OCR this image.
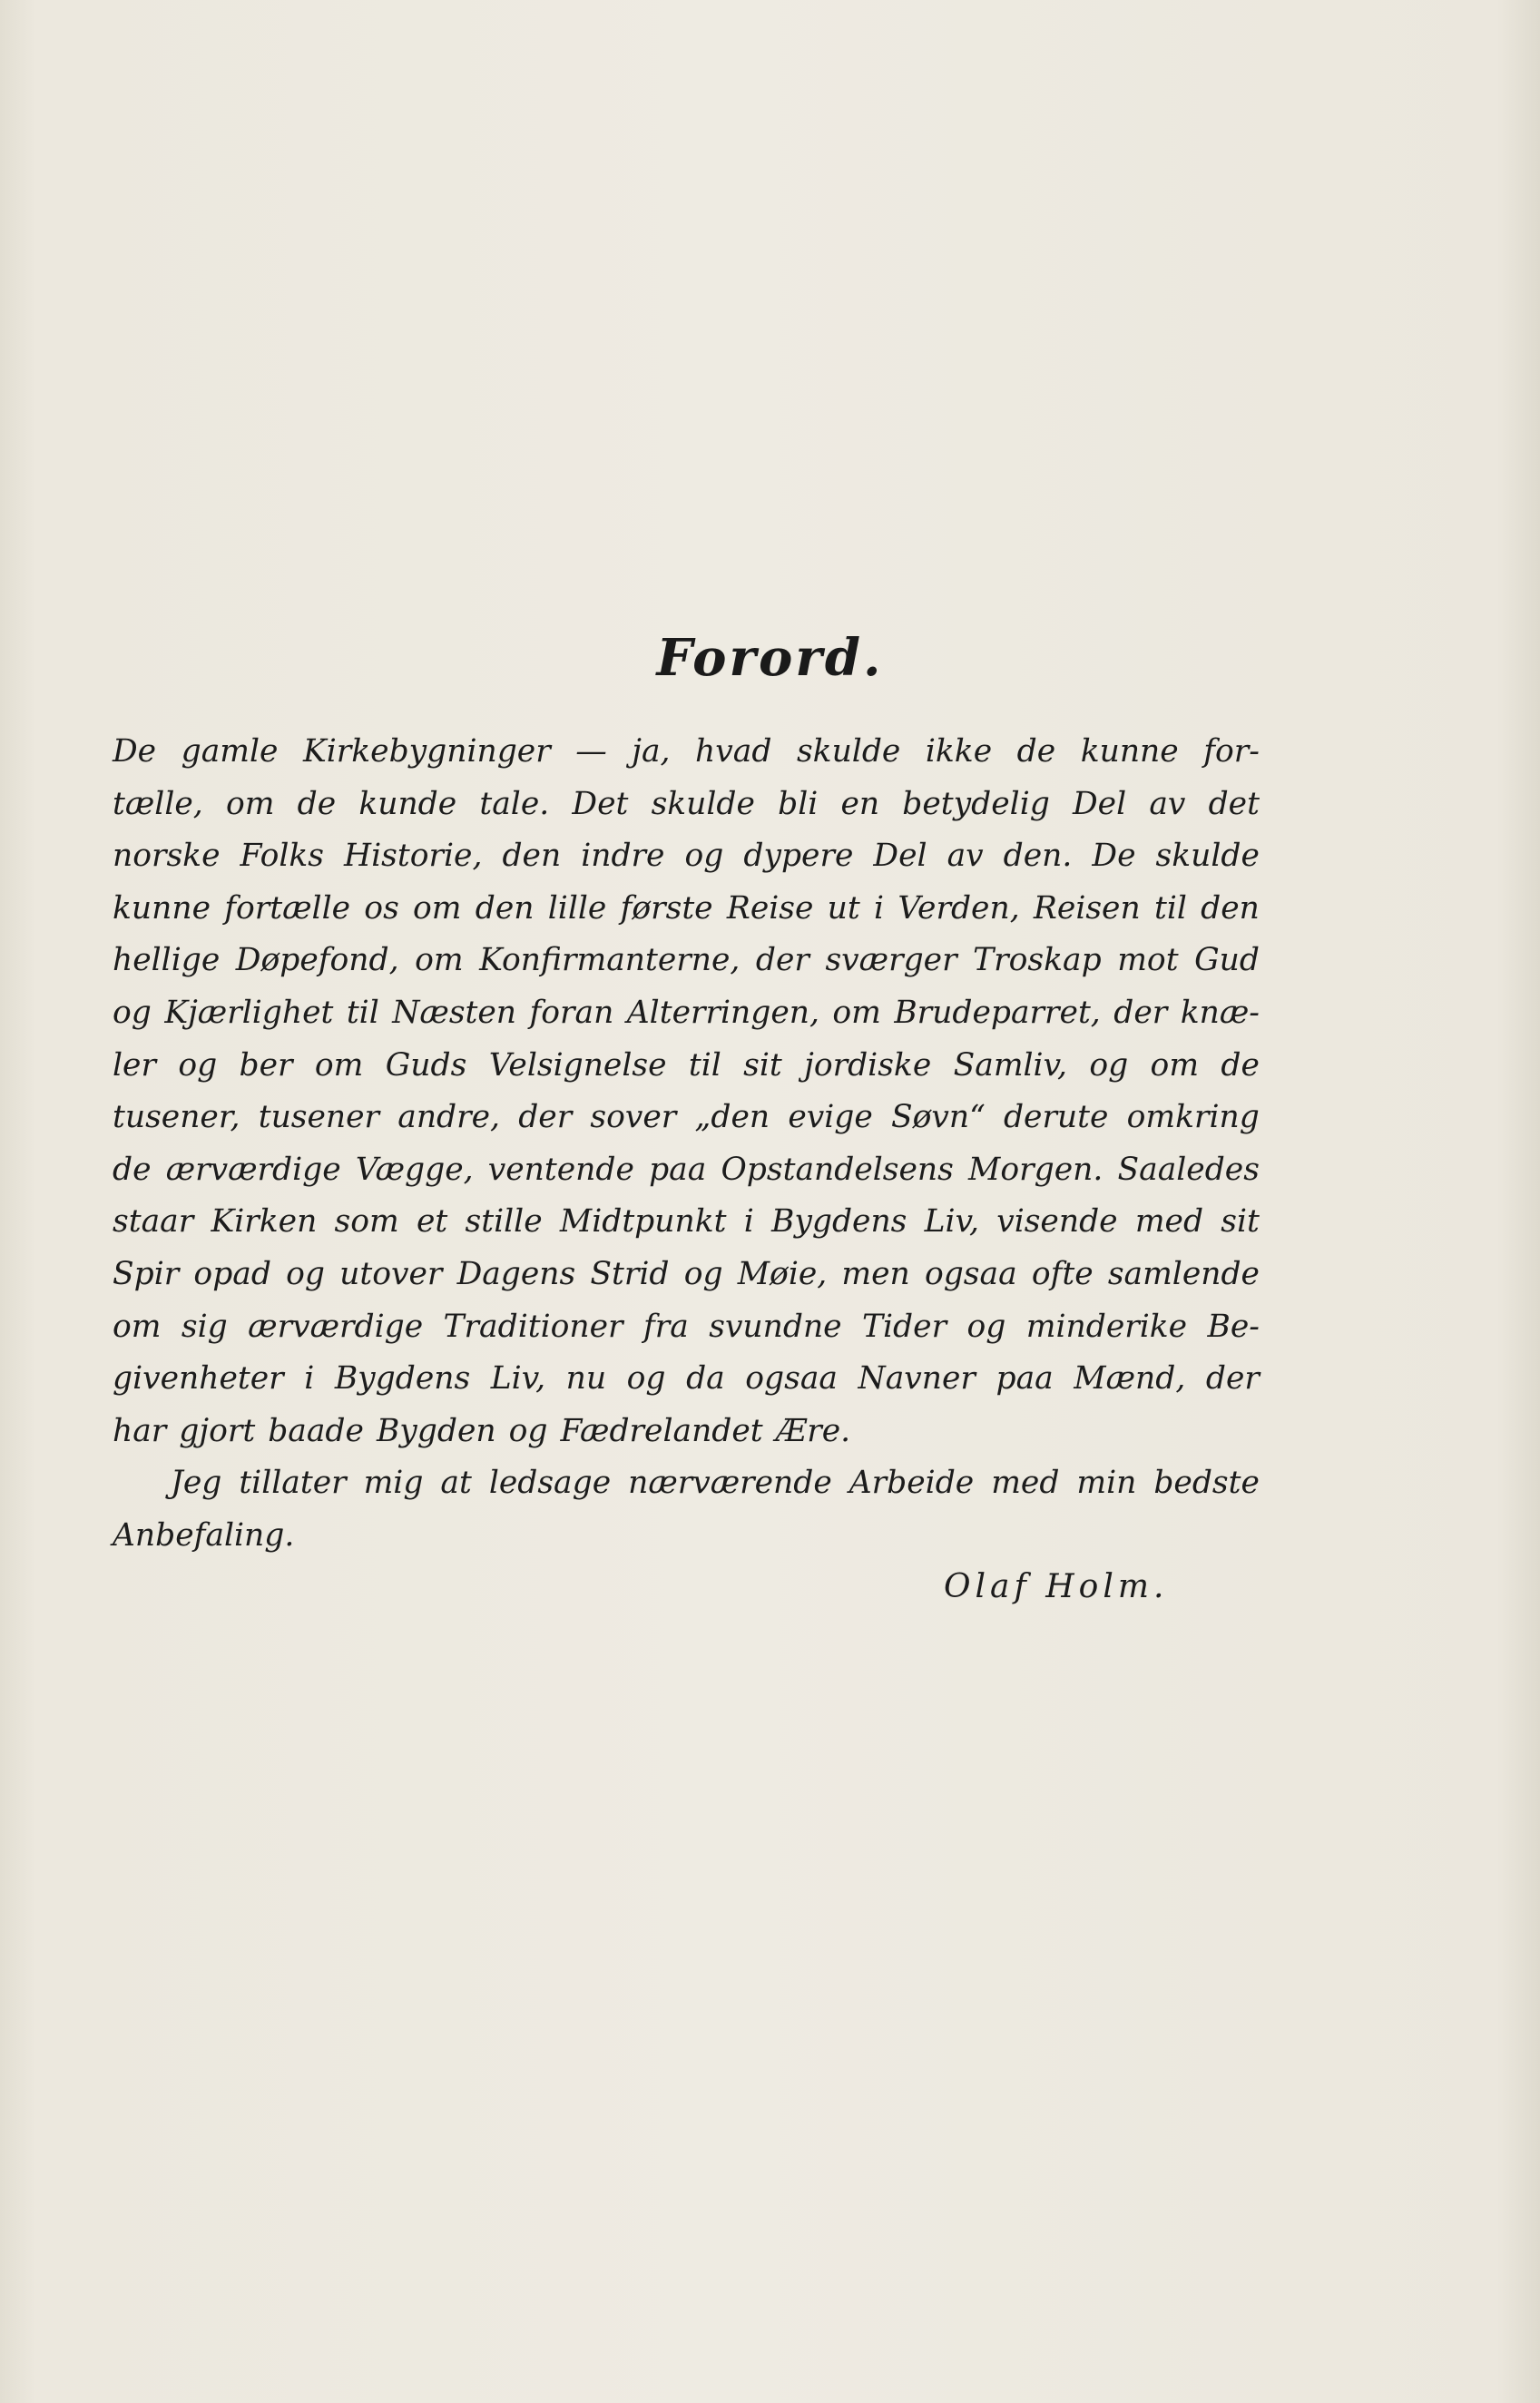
Forord.
De gamle Kirkebygninger — ja, hvad skulde ikke de kunne for-
tælle, om de kunde tale. Det skulde bli en betydelig Del av det
norske Folks Historie, den indre og dypere Del av den. De skulde
kunne fortælle os om den lille første Reise ut i Verden, Reisen til den
hellige Døpefond, om Konfirmanterne, der sværger Troskap mot Gud
og Kjærlighet til Næsten foran Alterringen, om Brudeparret, der knæ-
ler og ber om Guds Velsignelse til sit jordiske Samliv, og om de
tusener, tusener andre, der sover „den evige Søvn“ derute omkring
de ærværdige Vægge, ventende paa Opstandelsens Morgen. Saaledes
staar Kirken som et stille Midtpunkt i Bygdens Liv, visende med sit
Spir opad og utover Dagens Strid og Møie, men ogsaa ofte samlende
om sig ærværdige Traditioner fra svundne Tider og minderike Be-
givenheter i Bygdens Liv, nu og da ogsaa Navner paa Mænd, der
har gjort baade Bygden og Fædrelandet Ære.
Jeg tillater mig at ledsage nærværende Arbeide med min bedste
Anbefaling.
Olaf Holm.
